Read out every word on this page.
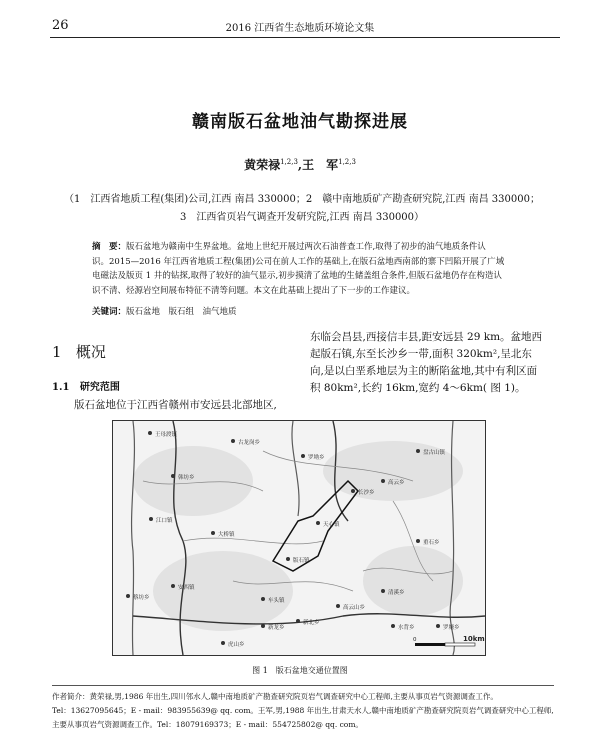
26	2016 江西省生态地质环境论文集
赣南版石盆地油气勘探进展
黄荣禄$^{1,2,3}$,王　军$^{1,2,3}$
（1　江西省地质工程(集团)公司,江西 南昌 330000；2　赣中南地质矿产勘查研究院,江西 南昌 330000；
3　江西省页岩气调查开发研究院,江西 南昌 330000）
摘　要：版石盆地为赣南中生界盆地。盆地上世纪开展过两次石油普查工作,取得了初步的油气地质条件认
识。2015—2016 年江西省地质工程(集团)公司在前人工作的基础上,在版石盆地西南部的寨下凹陷开展了广域
电磁法及版页 1 井的钻探,取得了较好的油气显示,初步摸清了盆地的生储盖组合条件,但版石盆地仍存在构造认
识不清、烃源岩空间展布特征不清等问题。本文在此基础上提出了下一步的工作建议。
关键词：版石盆地　版石组　油气地质
1 概况
1.1 研究范围
版石盆地位于江西省赣州市安远县北部地区,
东临会昌县,西接信丰县,距安远县 29 km。盆地西
起版石镇,东至长沙乡一带,面积 320km²,呈北东
向,是以白垩系地层为主的断陷盆地,其中有利区面
积 80km²,长约 16km,宽约 4～6km( 图 1)。
王母渡镇
罗坳乡
盘古山镇
韩坊乡
江口镇
大桥镇
版石镇
天心镇
长沙乡
高云乡
安西镇
车头镇
新龙乡
高云山乡
虎山乡
清溪乡
重石乡
罗塘乡
水背乡
蔡坊乡
新北乡
古龙岗乡
0	10km
图 1　版石盆地交通位置图
作者简介：黄荣禄,男,1986 年出生,四川邻水人,赣中南地质矿产勘查研究院页岩气调查研究中心工程师,主要从事页岩气资源调查工作。
Tel：13627095645；E - mail：983955639@ qq. com。王军,男,1988 年出生,甘肃天水人,赣中南地质矿产勘查研究院页岩气调查研究中心工程师,
主要从事页岩气资源调查工作。Tel：18079169373；E - mail：554725802@ qq. com。
